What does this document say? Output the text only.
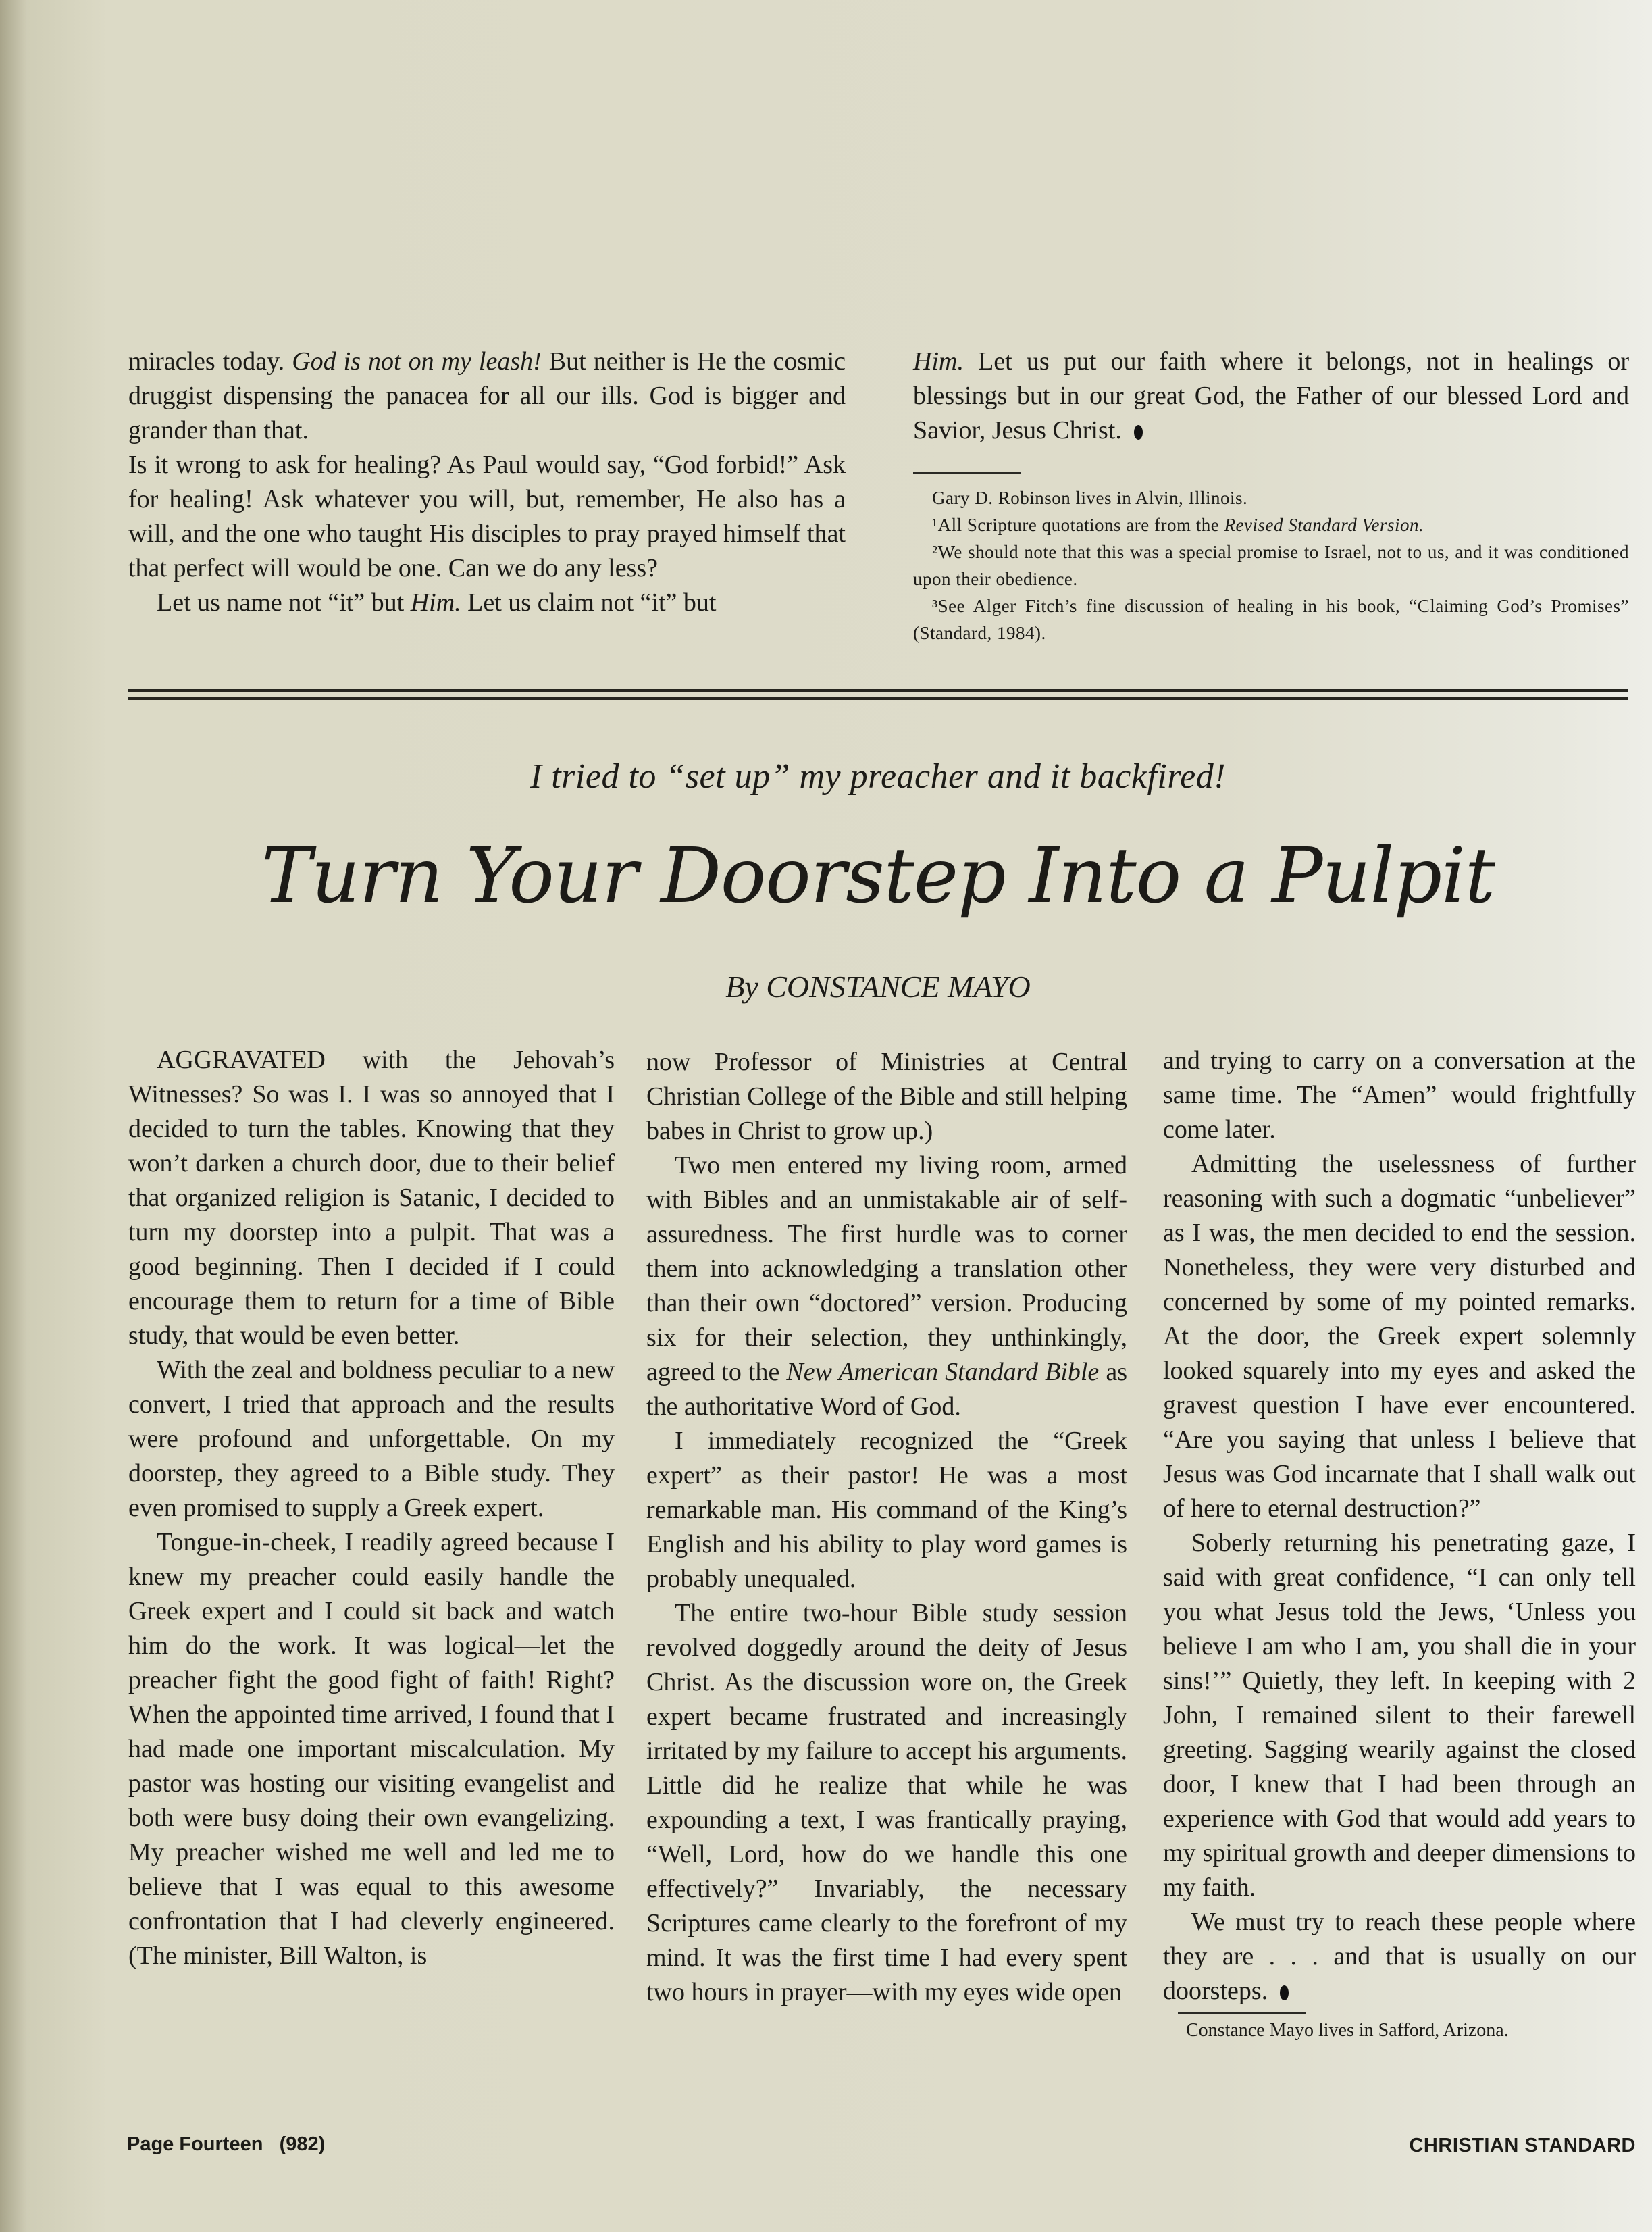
miracles today. God is not on my leash! But neither is He the cosmic druggist dispensing the panacea for all our ills. God is bigger and grander than that.

Is it wrong to ask for healing? As Paul would say, “God forbid!” Ask for healing! Ask whatever you will, but, remember, He also has a will, and the one who taught His disciples to pray prayed himself that that perfect will would be one. Can we do any less?

Let us name not “it” but Him. Let us claim not “it” but

Him. Let us put our faith where it belongs, not in healings or blessings but in our great God, the Father of our blessed Lord and Savior, Jesus Christ.

Gary D. Robinson lives in Alvin, Illinois.
¹All Scripture quotations are from the Revised Standard Version.
²We should note that this was a special promise to Israel, not to us, and it was conditioned upon their obedience.
³See Alger Fitch’s fine discussion of healing in his book, “Claiming God’s Promises” (Standard, 1984).
I tried to “set up” my preacher and it backfired!
Turn Your Doorstep Into a Pulpit
By CONSTANCE MAYO

AGGRAVATED with the Jehovah’s Witnesses? So was I. I was so annoyed that I decided to turn the tables. Knowing that they won’t darken a church door, due to their belief that organized religion is Satanic, I decided to turn my doorstep into a pulpit. That was a good beginning. Then I decided if I could encourage them to return for a time of Bible study, that would be even better.

With the zeal and boldness peculiar to a new convert, I tried that approach and the results were profound and unforgettable. On my doorstep, they agreed to a Bible study. They even promised to supply a Greek expert.

Tongue-in-cheek, I readily agreed because I knew my preacher could easily handle the Greek expert and I could sit back and watch him do the work. It was logical—let the preacher fight the good fight of faith! Right? When the appointed time arrived, I found that I had made one important miscalculation. My pastor was hosting our visiting evangelist and both were busy doing their own evangelizing. My preacher wished me well and led me to believe that I was equal to this awesome confrontation that I had cleverly engineered. (The minister, Bill Walton, is

now Professor of Ministries at Central Christian College of the Bible and still helping babes in Christ to grow up.)

Two men entered my living room, armed with Bibles and an unmistakable air of self-assuredness. The first hurdle was to corner them into acknowledging a translation other than their own “doctored” version. Producing six for their selection, they unthinkingly, agreed to the New American Standard Bible as the authoritative Word of God.

I immediately recognized the “Greek expert” as their pastor! He was a most remarkable man. His command of the King’s English and his ability to play word games is probably unequaled.

The entire two-hour Bible study session revolved doggedly around the deity of Jesus Christ. As the discussion wore on, the Greek expert became frustrated and increasingly irritated by my failure to accept his arguments. Little did he realize that while he was expounding a text, I was frantically praying, “Well, Lord, how do we handle this one effectively?” Invariably, the necessary Scriptures came clearly to the forefront of my mind. It was the first time I had every spent two hours in prayer—with my eyes wide open

and trying to carry on a conversation at the same time. The “Amen” would frightfully come later.

Admitting the uselessness of further reasoning with such a dogmatic “unbeliever” as I was, the men decided to end the session. Nonetheless, they were very disturbed and concerned by some of my pointed remarks. At the door, the Greek expert solemnly looked squarely into my eyes and asked the gravest question I have ever encountered. “Are you saying that unless I believe that Jesus was God incarnate that I shall walk out of here to eternal destruction?”

Soberly returning his penetrating gaze, I said with great confidence, “I can only tell you what Jesus told the Jews, ‘Unless you believe I am who I am, you shall die in your sins!’” Quietly, they left. In keeping with 2 John, I remained silent to their farewell greeting. Sagging wearily against the closed door, I knew that I had been through an experience with God that would add years to my spiritual growth and deeper dimensions to my faith.

We must try to reach these people where they are . . . and that is usually on our doorsteps.

Constance Mayo lives in Safford, Arizona.

Page Fourteen   (982)	CHRISTIAN STANDARD
